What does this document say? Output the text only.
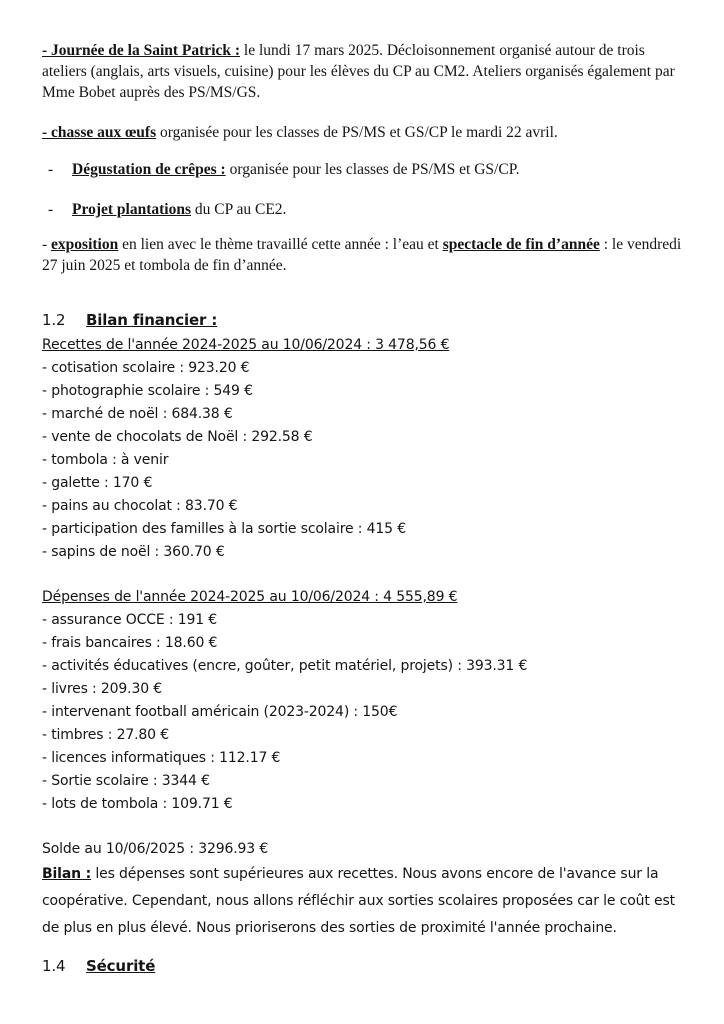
- Journée de la Saint Patrick : le lundi 17 mars 2025. Décloisonnement organisé autour de trois ateliers (anglais, arts visuels, cuisine) pour les élèves du CP au CM2. Ateliers organisés également par Mme Bobet auprès des PS/MS/GS.

- chasse aux œufs organisée pour les classes de PS/MS et GS/CP le mardi 22 avril.

-	Dégustation de crêpes : organisée pour les classes de PS/MS et GS/CP.
-	Projet plantations du CP au CE2.

- exposition en lien avec le thème travaillé cette année : l’eau et spectacle de fin d’année : le vendredi 27 juin 2025 et tombola de fin d’année.

1.2 Bilan financier :
Recettes de l'année 2024-2025 au 10/06/2024 : 3 478,56 €
- cotisation scolaire : 923.20 €
- photographie scolaire : 549 €
- marché de noël : 684.38 €
- vente de chocolats de Noël : 292.58 €
- tombola : à venir
- galette : 170 €
- pains au chocolat : 83.70 €
- participation des familles à la sortie scolaire : 415 €
- sapins de noël : 360.70 €
Dépenses de l'année 2024-2025 au 10/06/2024 : 4 555,89 €
- assurance OCCE : 191 €
- frais bancaires : 18.60 €
- activités éducatives (encre, goûter, petit matériel, projets) : 393.31 €
- livres : 209.30 €
- intervenant football américain (2023-2024) : 150€
- timbres : 27.80 €
- licences informatiques : 112.17 €
- Sortie scolaire : 3344 €
- lots de tombola : 109.71 €
Solde au 10/06/2025 : 3296.93 €

Bilan : les dépenses sont supérieures aux recettes. Nous avons encore de l'avance sur la coopérative. Cependant, nous allons réfléchir aux sorties scolaires proposées car le coût est de plus en plus élevé. Nous prioriserons des sorties de proximité l'année prochaine.

1.4 Sécurité
